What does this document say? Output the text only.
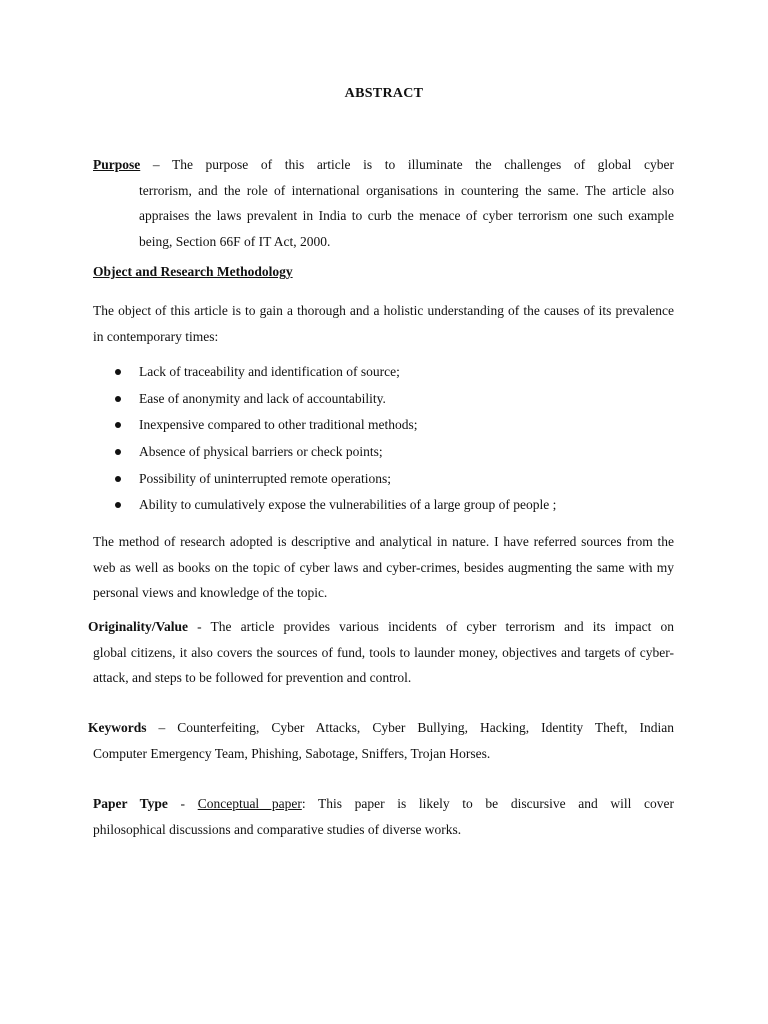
ABSTRACT
Purpose – The purpose of this article is to illuminate the challenges of global cyber
terrorism, and the role of international organisations in countering the same. The article also appraises the laws prevalent in India to curb the menace of cyber terrorism one such example being, Section 66F of IT Act, 2000.
Object and Research Methodology
The object of this article is to gain a thorough and a holistic understanding of the causes of its prevalence in contemporary times:
Lack of traceability and identification of source;
Ease of anonymity and lack of accountability.
Inexpensive compared to other traditional methods;
Absence of physical barriers or check points;
Possibility of uninterrupted remote operations;
Ability to cumulatively expose the vulnerabilities of a large group of people ;
The method of research adopted is descriptive and analytical in nature. I have referred sources from the web as well as books on the topic of cyber laws and cyber-crimes, besides augmenting the same with my personal views and knowledge of the topic.
Originality/Value - The article provides various incidents of cyber terrorism and its impact on
global citizens, it also covers the sources of fund, tools to launder money, objectives and targets of cyber-attack, and steps to be followed for prevention and control.
Keywords – Counterfeiting, Cyber Attacks, Cyber Bullying, Hacking, Identity Theft, Indian
Computer Emergency Team, Phishing, Sabotage, Sniffers, Trojan Horses.
Paper Type - Conceptual paper: This paper is likely to be discursive and will cover
philosophical discussions and comparative studies of diverse works.
